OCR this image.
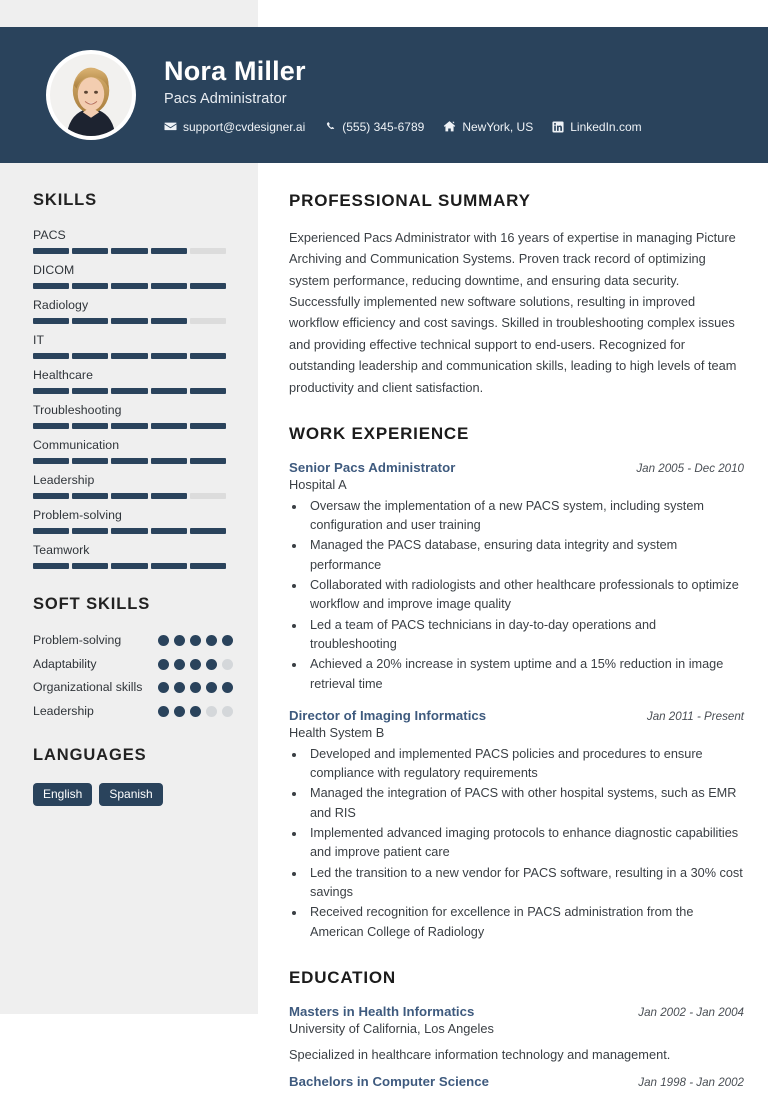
Nora Miller
Pacs Administrator
support@cvdesigner.ai	(555) 345-6789	NewYork, US	LinkedIn.com
SKILLS
PACS
DICOM
Radiology
IT
Healthcare
Troubleshooting
Communication
Leadership
Problem-solving
Teamwork
SOFT SKILLS
Problem-solving
Adaptability
Organizational skills
Leadership
LANGUAGES
English	Spanish
PROFESSIONAL SUMMARY
Experienced Pacs Administrator with 16 years of expertise in managing Picture Archiving and Communication Systems. Proven track record of optimizing system performance, reducing downtime, and ensuring data security. Successfully implemented new software solutions, resulting in improved workflow efficiency and cost savings. Skilled in troubleshooting complex issues and providing effective technical support to end-users. Recognized for outstanding leadership and communication skills, leading to high levels of team productivity and client satisfaction.
WORK EXPERIENCE
Senior Pacs Administrator	Jan 2005 - Dec 2010
Hospital A
• Oversaw the implementation of a new PACS system, including system configuration and user training
• Managed the PACS database, ensuring data integrity and system performance
• Collaborated with radiologists and other healthcare professionals to optimize workflow and improve image quality
• Led a team of PACS technicians in day-to-day operations and troubleshooting
• Achieved a 20% increase in system uptime and a 15% reduction in image retrieval time
Director of Imaging Informatics	Jan 2011 - Present
Health System B
• Developed and implemented PACS policies and procedures to ensure compliance with regulatory requirements
• Managed the integration of PACS with other hospital systems, such as EMR and RIS
• Implemented advanced imaging protocols to enhance diagnostic capabilities and improve patient care
• Led the transition to a new vendor for PACS software, resulting in a 30% cost savings
• Received recognition for excellence in PACS administration from the American College of Radiology
EDUCATION
Masters in Health Informatics	Jan 2002 - Jan 2004
University of California, Los Angeles
Specialized in healthcare information technology and management.
Bachelors in Computer Science	Jan 1998 - Jan 2002
